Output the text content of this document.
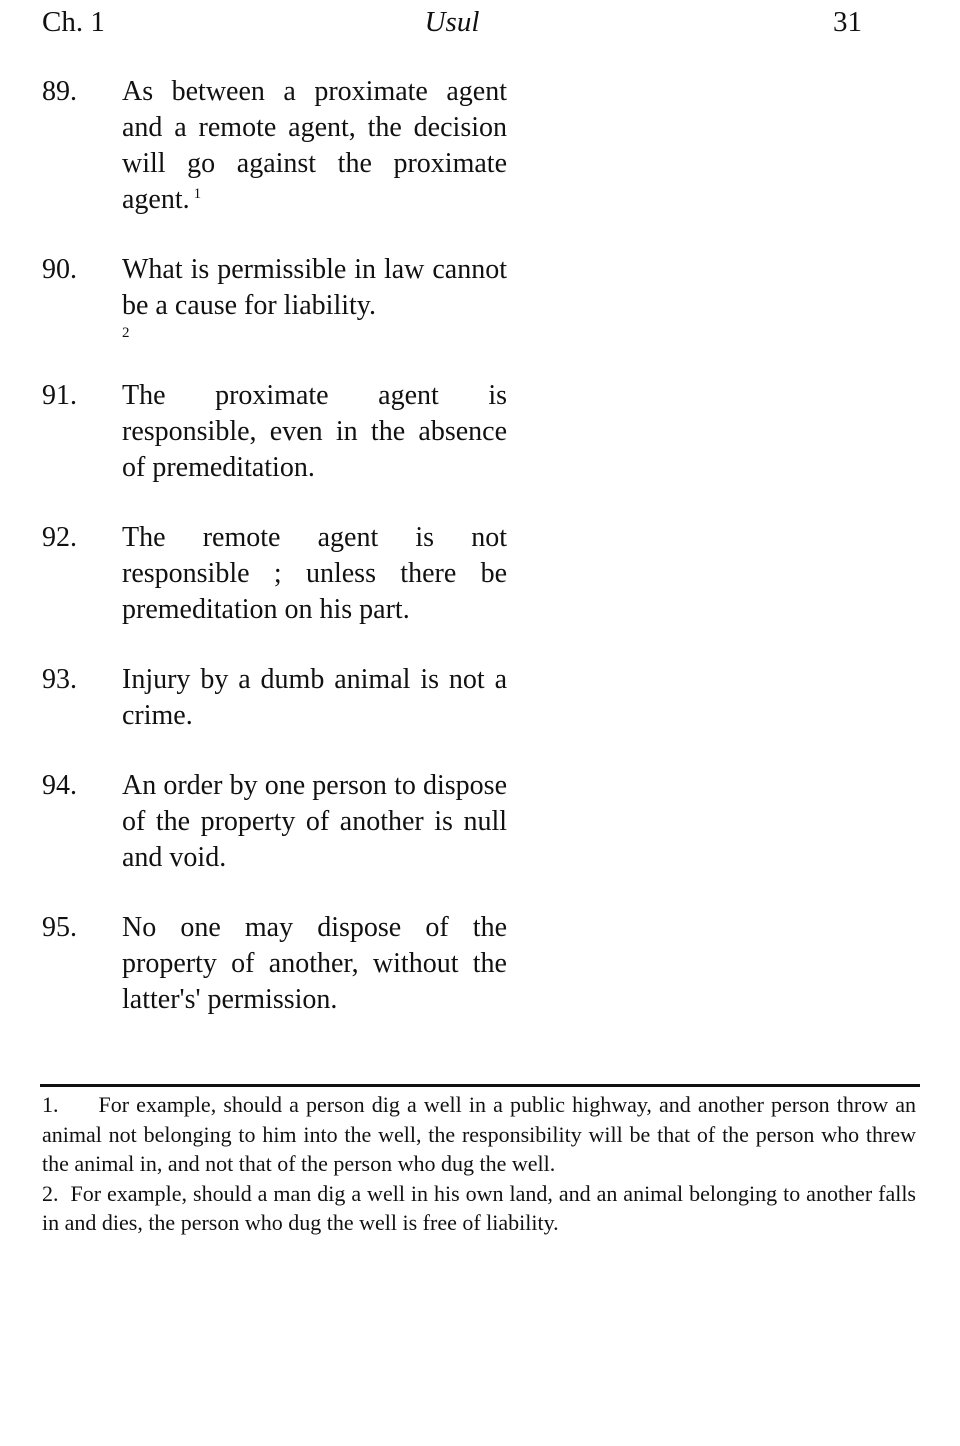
Ch. 1	Usul	31
89.	As between a proximate agent and a remote agent, the decision will go against the proximate agent. $^1$
90.	What is permissible in law cannot be a cause for liability.
2
91.	The proximate agent is responsible, even in the absence of premeditation.
92.	The remote agent is not responsible ; unless there be premeditation on his part.
93.	Injury by a dumb animal is not a crime.
94.	An order by one person to dispose of the property of another is null and void.
95.	No one may dispose of the property of another, without the latter's' permission.

1. For example, should a person dig a well in a public highway, and another person throw an animal not belonging to him into the well, the responsibility will be that of the person who threw the animal in, and not that of the person who dug the well.

2. For example, should a man dig a well in his own land, and an animal belonging to another falls in and dies, the person who dug the well is free of liability.
